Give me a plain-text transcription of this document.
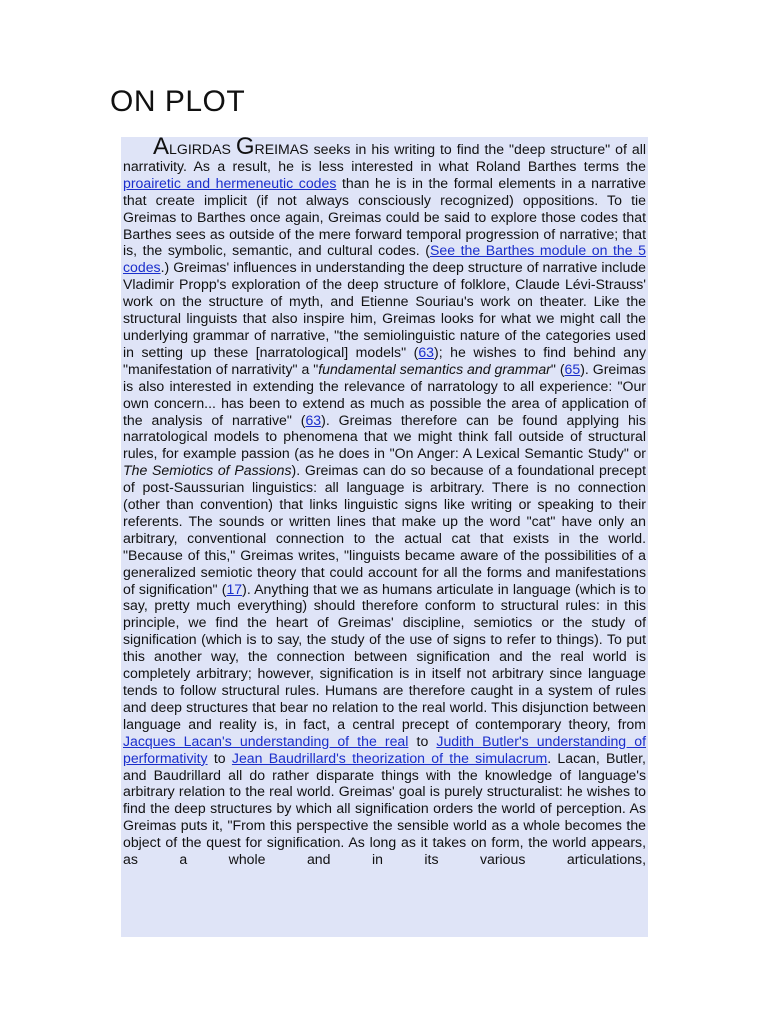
ON PLOT

ALGIRDAS GREIMAS seeks in his writing to find the "deep structure" of all narrativity. As a result, he is less interested in what Roland Barthes terms the proairetic and hermeneutic codes than he is in the formal elements in a narrative that create implicit (if not always consciously recognized) oppositions. To tie Greimas to Barthes once again, Greimas could be said to explore those codes that Barthes sees as outside of the mere forward temporal progression of narrative; that is, the symbolic, semantic, and cultural codes. (See the Barthes module on the 5 codes.) Greimas' influences in understanding the deep structure of narrative include Vladimir Propp's exploration of the deep structure of folklore, Claude Lévi-Strauss' work on the structure of myth, and Etienne Souriau's work on theater. Like the structural linguists that also inspire him, Greimas looks for what we might call the underlying grammar of narrative, "the semiolinguistic nature of the categories used in setting up these [narratological] models" (63); he wishes to find behind any "manifestation of narrativity" a "fundamental semantics and grammar" (65). Greimas is also interested in extending the relevance of narratology to all experience: "Our own concern... has been to extend as much as possible the area of application of the analysis of narrative" (63). Greimas therefore can be found applying his narratological models to phenomena that we might think fall outside of structural rules, for example passion (as he does in "On Anger: A Lexical Semantic Study" or The Semiotics of Passions). Greimas can do so because of a foundational precept of post-Saussurian linguistics: all language is arbitrary. There is no connection (other than convention) that links linguistic signs like writing or speaking to their referents. The sounds or written lines that make up the word "cat" have only an arbitrary, conventional connection to the actual cat that exists in the world. "Because of this," Greimas writes, "linguists became aware of the possibilities of a generalized semiotic theory that could account for all the forms and manifestations of signification" (17). Anything that we as humans articulate in language (which is to say, pretty much everything) should therefore conform to structural rules: in this principle, we find the heart of Greimas' discipline, semiotics or the study of signification (which is to say, the study of the use of signs to refer to things). To put this another way, the connection between signification and the real world is completely arbitrary; however, signification is in itself not arbitrary since language tends to follow structural rules. Humans are therefore caught in a system of rules and deep structures that bear no relation to the real world. This disjunction between language and reality is, in fact, a central precept of contemporary theory, from Jacques Lacan's understanding of the real to Judith Butler's understanding of performativity to Jean Baudrillard's theorization of the simulacrum. Lacan, Butler, and Baudrillard all do rather disparate things with the knowledge of language's arbitrary relation to the real world. Greimas' goal is purely structuralist: he wishes to find the deep structures by which all signification orders the world of perception. As Greimas puts it, "From this perspective the sensible world as a whole becomes the object of the quest for signification. As long as it takes on form, the world appears, as a whole and in its various articulations,
